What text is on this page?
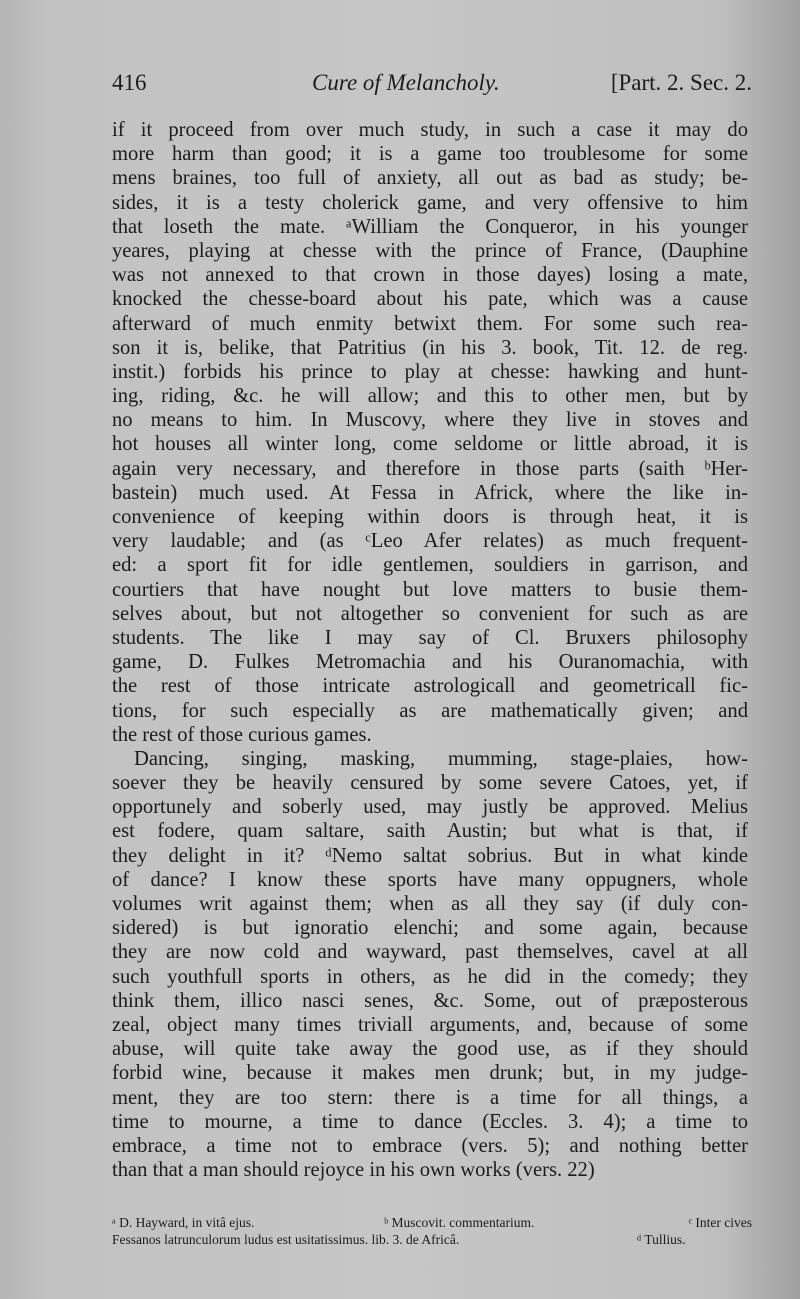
416	Cure of Melancholy.	[Part. 2. Sec. 2.
if it proceed from over much study, in such a case it may do
more harm than good; it is a game too troublesome for some
mens braines, too full of anxiety, all out as bad as study; be-
sides, it is a testy cholerick game, and very offensive to him
that loseth the mate. ᵃWilliam the Conqueror, in his younger
yeares, playing at chesse with the prince of France, (Dauphine
was not annexed to that crown in those dayes) losing a mate,
knocked the chesse-board about his pate, which was a cause
afterward of much enmity betwixt them. For some such rea-
son it is, belike, that Patritius (in his 3. book, Tit. 12. de reg.
instit.) forbids his prince to play at chesse: hawking and hunt-
ing, riding, &c. he will allow; and this to other men, but by
no means to him. In Muscovy, where they live in stoves and
hot houses all winter long, come seldome or little abroad, it is
again very necessary, and therefore in those parts (saith ᵇHer-
bastein) much used. At Fessa in Africk, where the like in-
convenience of keeping within doors is through heat, it is
very laudable; and (as ᶜLeo Afer relates) as much frequent-
ed: a sport fit for idle gentlemen, souldiers in garrison, and
courtiers that have nought but love matters to busie them-
selves about, but not altogether so convenient for such as are
students. The like I may say of Cl. Bruxers philosophy
game, D. Fulkes Metromachia and his Ouranomachia, with
the rest of those intricate astrologicall and geometricall fic-
tions, for such especially as are mathematically given; and
the rest of those curious games.
Dancing, singing, masking, mumming, stage-plaies, how-
soever they be heavily censured by some severe Catoes, yet, if
opportunely and soberly used, may justly be approved. Melius
est fodere, quam saltare, saith Austin; but what is that, if
they delight in it? ᵈNemo saltat sobrius. But in what kinde
of dance? I know these sports have many oppugners, whole
volumes writ against them; when as all they say (if duly con-
sidered) is but ignoratio elenchi; and some again, because
they are now cold and wayward, past themselves, cavel at all
such youthfull sports in others, as he did in the comedy; they
think them, illico nasci senes, &c. Some, out of præposterous
zeal, object many times triviall arguments, and, because of some
abuse, will quite take away the good use, as if they should
forbid wine, because it makes men drunk; but, in my judge-
ment, they are too stern: there is a time for all things, a
time to mourne, a time to dance (Eccles. 3. 4); a time to
embrace, a time not to embrace (vers. 5); and nothing better
than that a man should rejoyce in his own works (vers. 22)
ᵃ D. Hayward, in vitâ ejus.	ᵇ Muscovit. commentarium.	ᶜ Inter cives
Fessanos latrunculorum ludus est usitatissimus. lib. 3. de Africâ.	ᵈ Tullius.
